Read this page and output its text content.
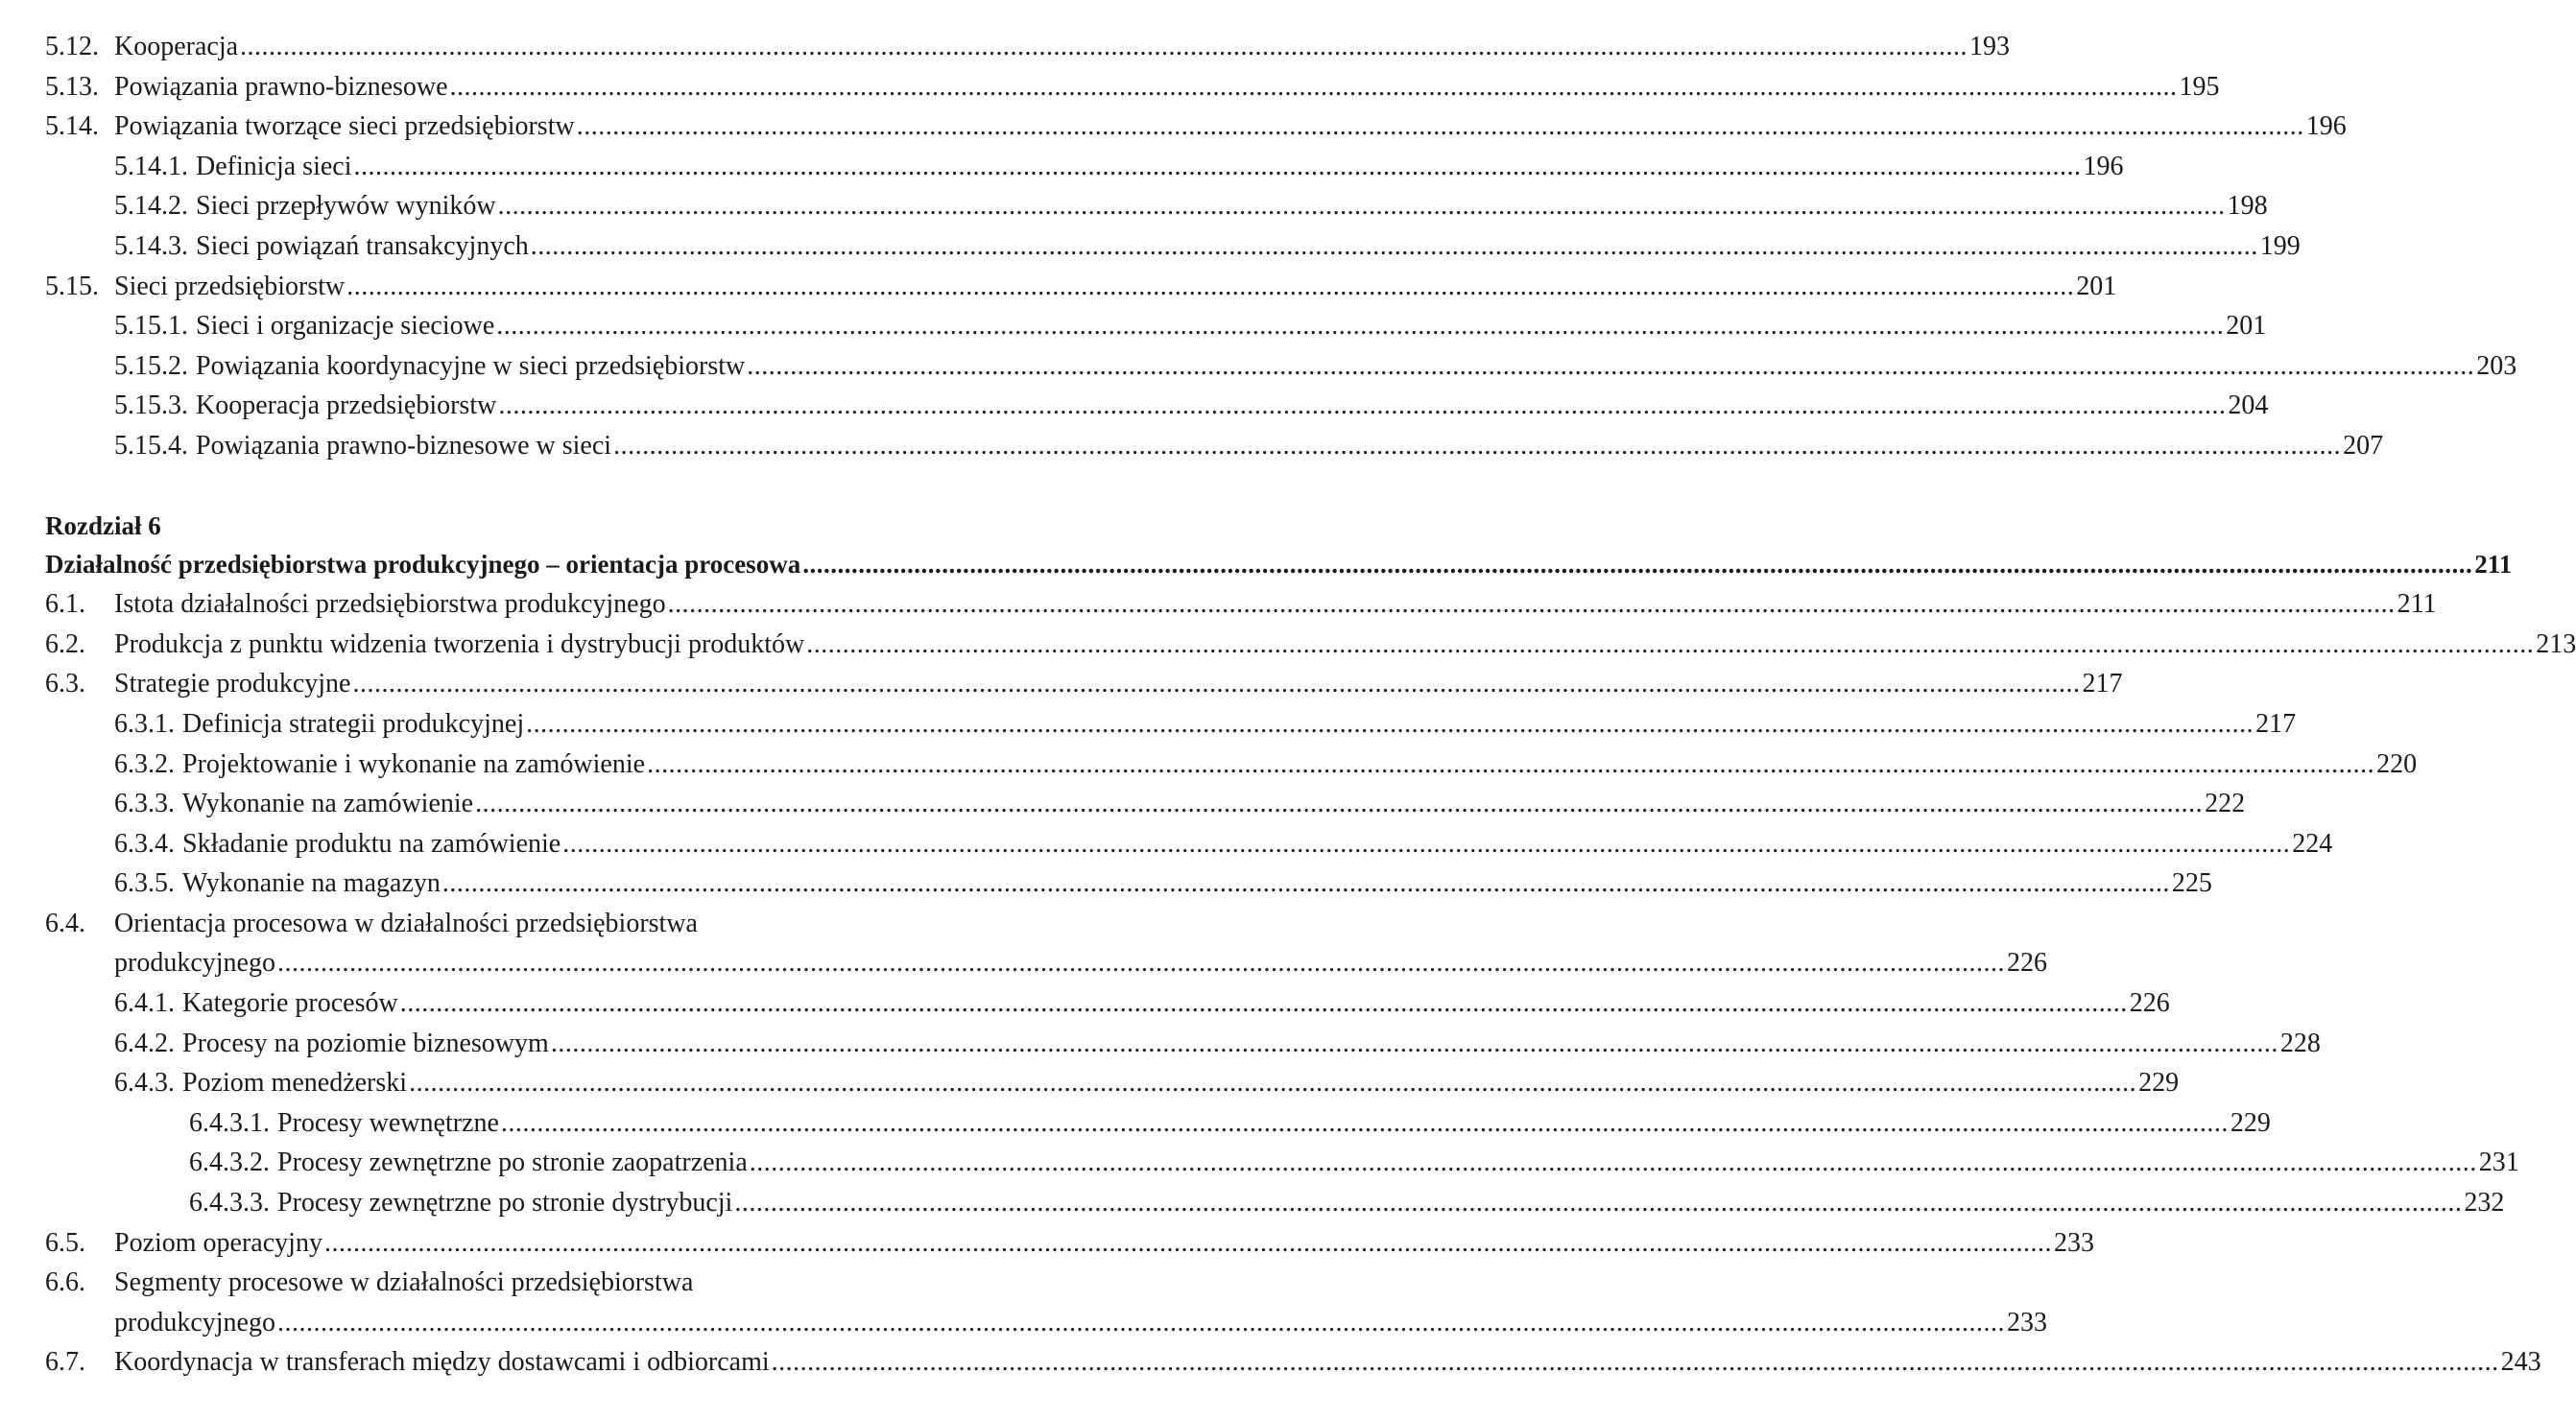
5.12. Kooperacja .....	193
5.13. Powiązania prawno-biznesowe .....	195
5.14. Powiązania tworzące sieci przedsiębiorstw .....	196
5.14.1. Definicja sieci .....	196
5.14.2. Sieci przepływów wyników .....	198
5.14.3. Sieci powiązań transakcyjnych .....	199
5.15. Sieci przedsiębiorstw .....	201
5.15.1. Sieci i organizacje sieciowe .....	201
5.15.2. Powiązania koordynacyjne w sieci przedsiębiorstw .....	203
5.15.3. Kooperacja przedsiębiorstw .....	204
5.15.4. Powiązania prawno-biznesowe w sieci .....	207
Rozdział 6
Działalność przedsiębiorstwa produkcyjnego – orientacja procesowa .....	211
6.1.	Istota działalności przedsiębiorstwa produkcyjnego .....	211
6.2.	Produkcja z punktu widzenia tworzenia i dystrybucji produktów .....	213
6.3.	Strategie produkcyjne .....	217
6.3.1. Definicja strategii produkcyjnej .....	217
6.3.2. Projektowanie i wykonanie na zamówienie .....	220
6.3.3. Wykonanie na zamówienie .....	222
6.3.4. Składanie produktu na zamówienie .....	224
6.3.5. Wykonanie na magazyn .....	225
6.4.	Orientacja procesowa w działalności przedsiębiorstwa
produkcyjnego .....	226
6.4.1. Kategorie procesów .....	226
6.4.2. Procesy na poziomie biznesowym .....	228
6.4.3. Poziom menedżerski .....	229
6.4.3.1. Procesy wewnętrzne .....	229
6.4.3.2. Procesy zewnętrzne po stronie zaopatrzenia .....	231
6.4.3.3. Procesy zewnętrzne po stronie dystrybucji .....	232
6.5.	Poziom operacyjny .....	233
6.6.	Segmenty procesowe w działalności przedsiębiorstwa
produkcyjnego .....	233
6.7.	Koordynacja w transferach między dostawcami i odbiorcami .....	243
